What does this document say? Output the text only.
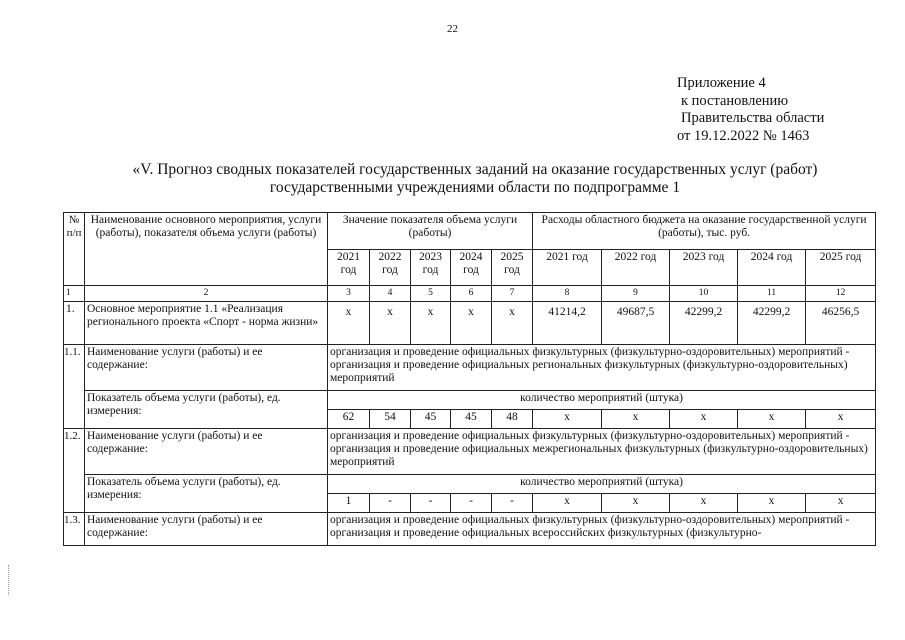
22
Приложение 4
к постановлению
Правительства области
от 19.12.2022 № 1463
«V. Прогноз сводных показателей государственных заданий на оказание государственных услуг (работ)
государственными учреждениями области по подпрограмме 1
№ п/п	Наименование основного мероприятия, услуги (работы), показателя объема услуги (работы)	Значение показателя объема услуги (работы)					Расходы областного бюджета на оказание государственной услуги (работы), тыс. руб.				
		2021 год	2022 год	2023 год	2024 год	2025 год	2021 год	2022 год	2023 год	2024 год	2025 год
1	2	3	4	5	6	7	8	9	10	11	12
1.	Основное мероприятие 1.1 «Реализация регионального проекта «Спорт - норма жизни»	х	х	х	х	х	41214,2	49687,5	42299,2	42299,2	46256,5
1.1.	Наименование услуги (работы) и ее содержание:	организация и проведение официальных физкультурных (физкультурно-оздоровительных) мероприятий - организация и проведение официальных региональных физкультурных (физкультурно-оздоровительных) мероприятий									
	Показатель объема услуги (работы), ед. измерения:	количество мероприятий (штука)									
		62	54	45	45	48	х	х	х	х	х
1.2.	Наименование услуги (работы) и ее содержание:	организация и проведение официальных физкультурных (физкультурно-оздоровительных) мероприятий - организация и проведение официальных межрегиональных физкультурных (физкультурно-оздоровительных) мероприятий									
	Показатель объема услуги (работы), ед. измерения:	количество мероприятий (штука)									
		1	-	-	-	-	х	х	х	х	х
1.3.	Наименование услуги (работы) и ее содержание:	организация и проведение официальных физкультурных (физкультурно-оздоровительных) мероприятий - организация и проведение официальных всероссийских физкультурных (физкультурно-									
